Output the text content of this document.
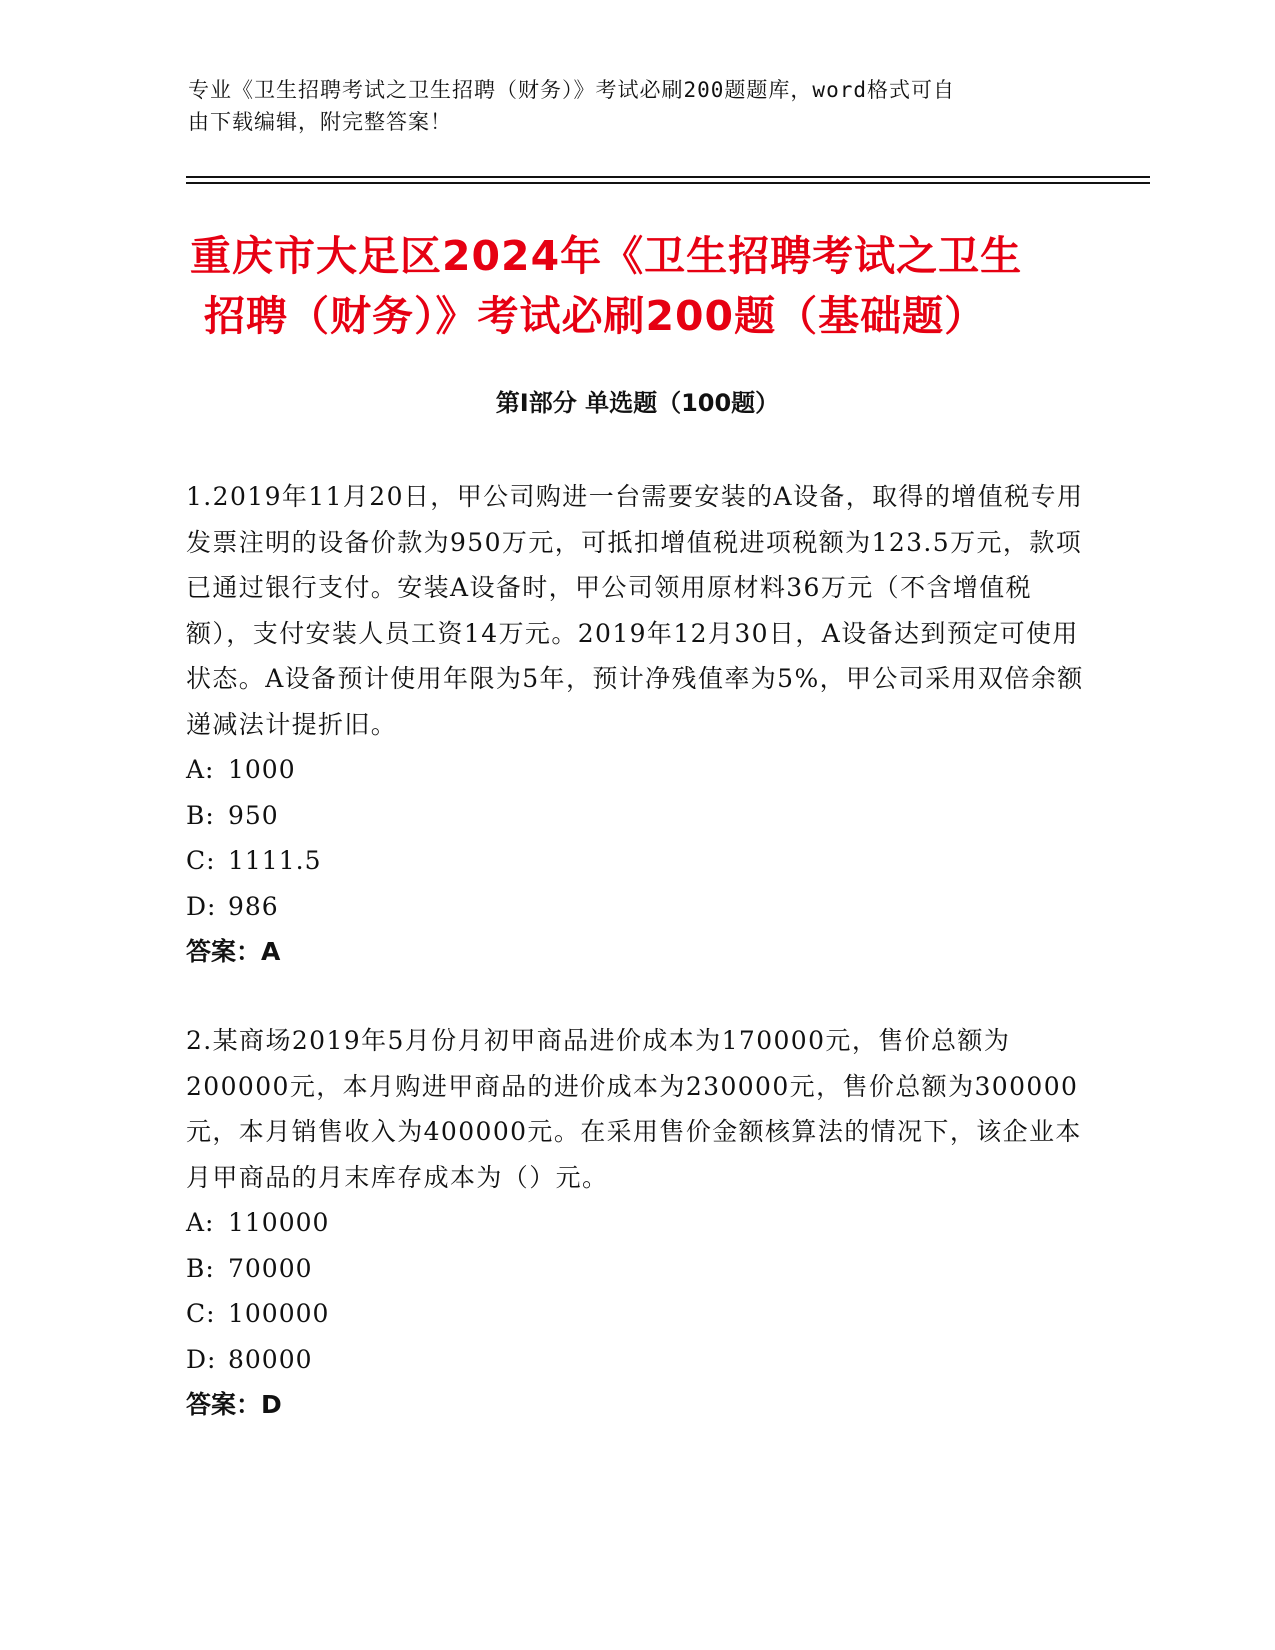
专业《卫生招聘考试之卫生招聘（财务）》考试必刷200题题库，word格式可自
由下载编辑，附完整答案！
重庆市大足区2024年《卫生招聘考试之卫生
招聘（财务）》考试必刷200题（基础题）
第Ⅰ部分 单选题（100题）

1.2019年11月20日，甲公司购进一台需要安装的A设备，取得的增值税专用发票注明的设备价款为950万元，可抵扣增值税进项税额为123.5万元，款项已通过银行支付。安装A设备时，甲公司领用原材料36万元（不含增值税额），支付安装人员工资14万元。2019年12月30日，A设备达到预定可使用状态。A设备预计使用年限为5年，预计净残值率为5%，甲公司采用双倍余额递减法计提折旧。

A: 1000

B: 950

C: 1111.5

D: 986

答案：A

2.某商场2019年5月份月初甲商品进价成本为170000元，售价总额为200000元，本月购进甲商品的进价成本为230000元，售价总额为300000元，本月销售收入为400000元。在采用售价金额核算法的情况下，该企业本月甲商品的月末库存成本为（）元。

A: 110000

B: 70000

C: 100000

D: 80000

答案：D
